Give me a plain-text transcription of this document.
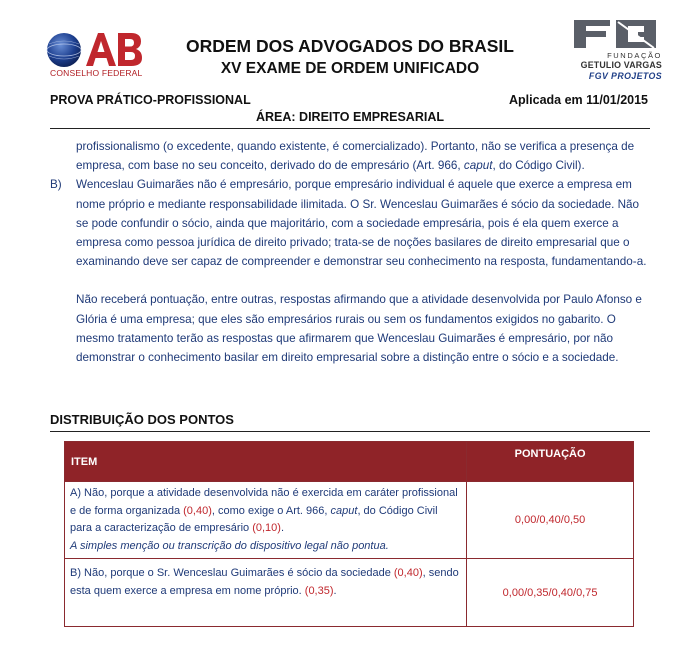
CONSELHO FEDERAL
ORDEM DOS ADVOGADOS DO BRASIL
XV EXAME DE ORDEM UNIFICADO
FUNDAÇÃO
GETULIO VARGAS
FGV PROJETOS
PROVA PRÁTICO-PROFISSIONAL	Aplicada em 11/01/2015
ÁREA: DIREITO EMPRESARIAL
profissionalismo (o excedente, quando existente, é comercializado). Portanto, não se verifica a presença de empresa, com base no seu conceito, derivado do de empresário (Art. 966, caput, do Código Civil).
B)	Wenceslau Guimarães não é empresário, porque empresário individual é aquele que exerce a empresa em nome próprio e mediante responsabilidade ilimitada. O Sr. Wenceslau Guimarães é sócio da sociedade. Não se pode confundir o sócio, ainda que majoritário, com a sociedade empresária, pois é ela quem exerce a empresa como pessoa jurídica de direito privado; trata-se de noções basilares de direito empresarial que o examinando deve ser capaz de compreender e demonstrar seu conhecimento na resposta, fundamentando-a.
Não receberá pontuação, entre outras, respostas afirmando que a atividade desenvolvida por Paulo Afonso e Glória é uma empresa; que eles são empresários rurais ou sem os fundamentos exigidos no gabarito. O mesmo tratamento terão as respostas que afirmarem que Wenceslau Guimarães é empresário, por não demonstrar o conhecimento basilar em direito empresarial sobre a distinção entre o sócio e a sociedade.
DISTRIBUIÇÃO DOS PONTOS
ITEM	PONTUAÇÃO
A) Não, porque a atividade desenvolvida não é exercida em caráter profissional e de forma organizada (0,40), como exige o Art. 966, caput, do Código Civil para a caracterização de empresário (0,10).
A simples menção ou transcrição do dispositivo legal não pontua.	0,00/0,40/0,50
B) Não, porque o Sr. Wenceslau Guimarães é sócio da sociedade (0,40), sendo esta quem exerce a empresa em nome próprio. (0,35).	0,00/0,35/0,40/0,75
